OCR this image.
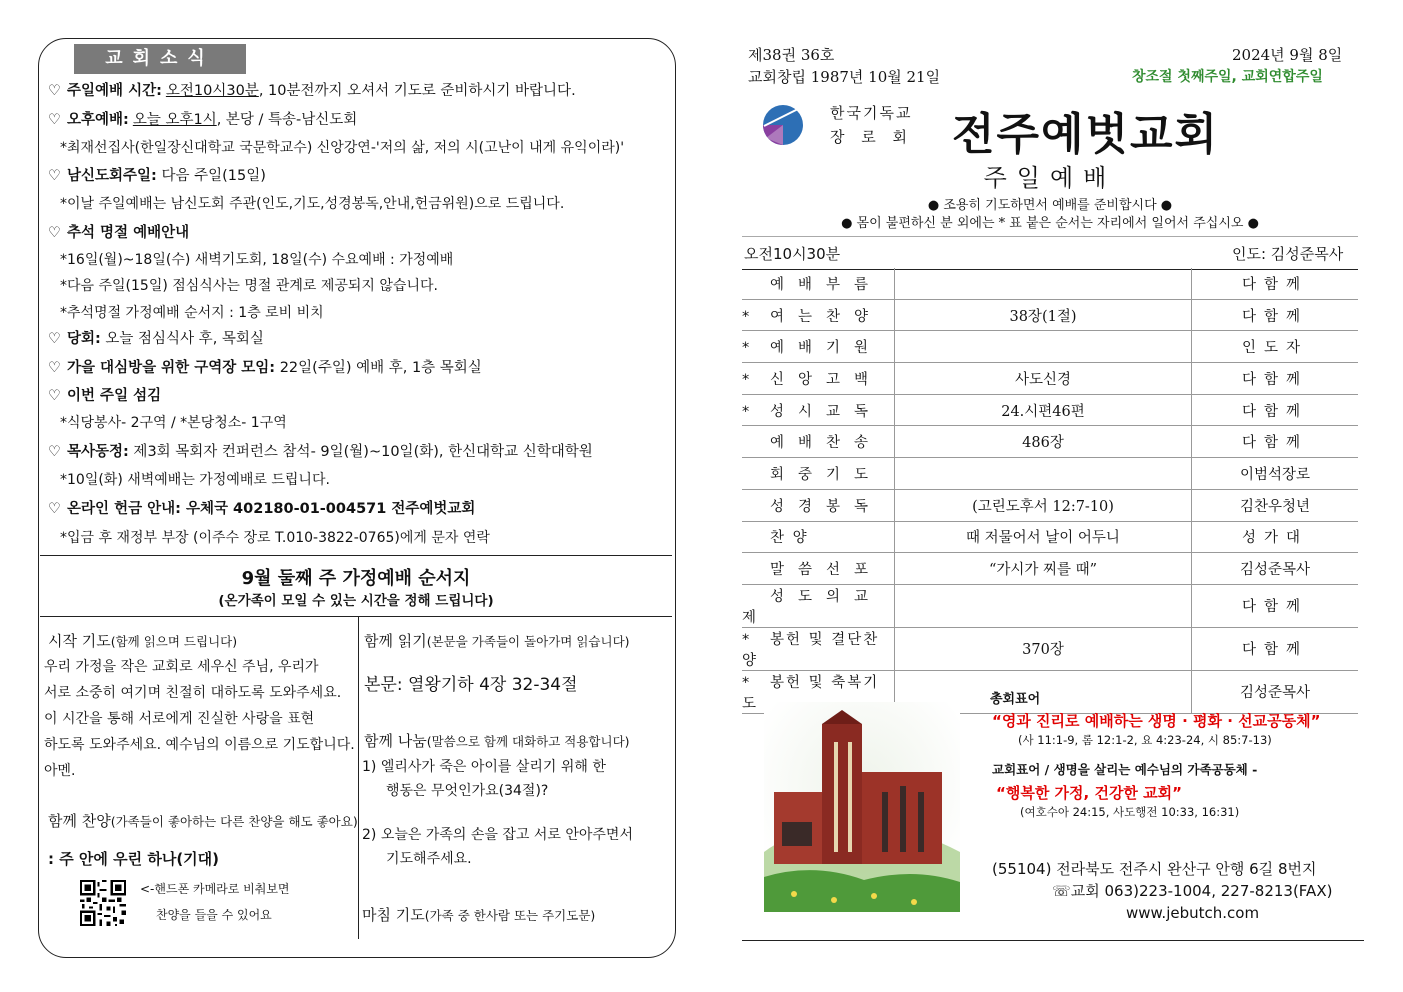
교회소식
♡ 주일예배 시간: 오전10시30분, 10분전까지 오셔서 기도로 준비하시기 바랍니다.
♡ 오후예배: 오늘 오후1시, 본당 / 특송-남신도회
*최재선집사(한일장신대학교 국문학교수) 신앙강연-'저의 삶, 저의 시(고난이 내게 유익이라)'
♡ 남신도회주일: 다음 주일(15일)
*이날 주일예배는 남신도회 주관(인도,기도,성경봉독,안내,헌금위원)으로 드립니다.
♡ 추석 명절 예배안내
*16일(월)~18일(수) 새벽기도회, 18일(수) 수요예배 : 가정예배
*다음 주일(15일) 점심식사는 명절 관계로 제공되지 않습니다.
*추석명절 가정예배 순서지 : 1층 로비 비치
♡ 당회: 오늘 점심식사 후, 목회실
♡ 가을 대심방을 위한 구역장 모임: 22일(주일) 예배 후, 1층 목회실
♡ 이번 주일 섬김
*식당봉사- 2구역 / *본당청소- 1구역
♡ 목사동정: 제3회 목회자 컨퍼런스 참석- 9일(월)~10일(화), 한신대학교 신학대학원
*10일(화) 새벽예배는 가정예배로 드립니다.
♡ 온라인 헌금 안내: 우체국 402180-01-004571 전주예벗교회
*입금 후 재정부 부장 (이주수 장로 T.010-3822-0765)에게 문자 연락
9월 둘째 주 가정예배 순서지
(온가족이 모일 수 있는 시간을 정해 드립니다)
시작 기도(함께 읽으며 드립니다)
우리 가정을 작은 교회로 세우신 주님, 우리가
서로 소중히 여기며 친절히 대하도록 도와주세요.
이 시간을 통해 서로에게 진실한 사랑을 표현
하도록 도와주세요. 예수님의 이름으로 기도합니다.
아멘.
함께 찬양(가족들이 좋아하는 다른 찬양을 해도 좋아요)
: 주 안에 우린 하나(기대)
<-핸드폰 카메라로 비춰보면
찬양을 들을 수 있어요
함께 읽기(본문을 가족들이 돌아가며 읽습니다)
본문: 열왕기하 4장 32-34절
함께 나눔(말씀으로 함께 대화하고 적용합니다)
1) 엘리사가 죽은 아이를 살리기 위해 한
행동은 무엇인가요(34절)?
2) 오늘은 가족의 손을 잡고 서로 안아주면서
기도해주세요.
마침 기도(가족 중 한사람 또는 주기도문)
제38권 36호
교회창립 1987년 10월 21일
2024년 9월 8일
창조절 첫째주일, 교회연합주일
한국기독교
장 로 회 전주예벗교회
주일예배
● 조용히 기도하면서 예배를 준비합시다 ●
● 몸이 불편하신 분 외에는 * 표 붙은 순서는 자리에서 일어서 주십시오 ●
오전10시30분	인도: 김성준목사
예배부름		다함께
* 여는찬양	38장(1절)	다함께
* 예배기원		인도자
* 신앙고백	사도신경	다함께
* 성시교독	24.시편46편	다함께
예배찬송	486장	다함께
회중기도		이범석장로
성경봉독	(고린도후서 12:7-10)	김찬우청년
찬 양	때 저물어서 날이 어두니	성가대
말씀선포	“가시가 찌를 때”	김성준목사
성도의교제		다함께
* 봉헌 및 결단찬양	370장	다함께
* 봉헌 및 축복기도		김성준목사
총회표어
“영과 진리로 예배하는 생명 · 평화 · 선교공동체”
(사 11:1-9, 롬 12:1-2, 요 4:23-24, 시 85:7-13)
교회표어 / 생명을 살리는 예수님의 가족공동체 -
“행복한 가정, 건강한 교회”
(여호수아 24:15, 사도행전 10:33, 16:31)
(55104) 전라북도 전주시 완산구 안행 6길 8번지
☏교회 063)223-1004, 227-8213(FAX)
www.jebutch.com
